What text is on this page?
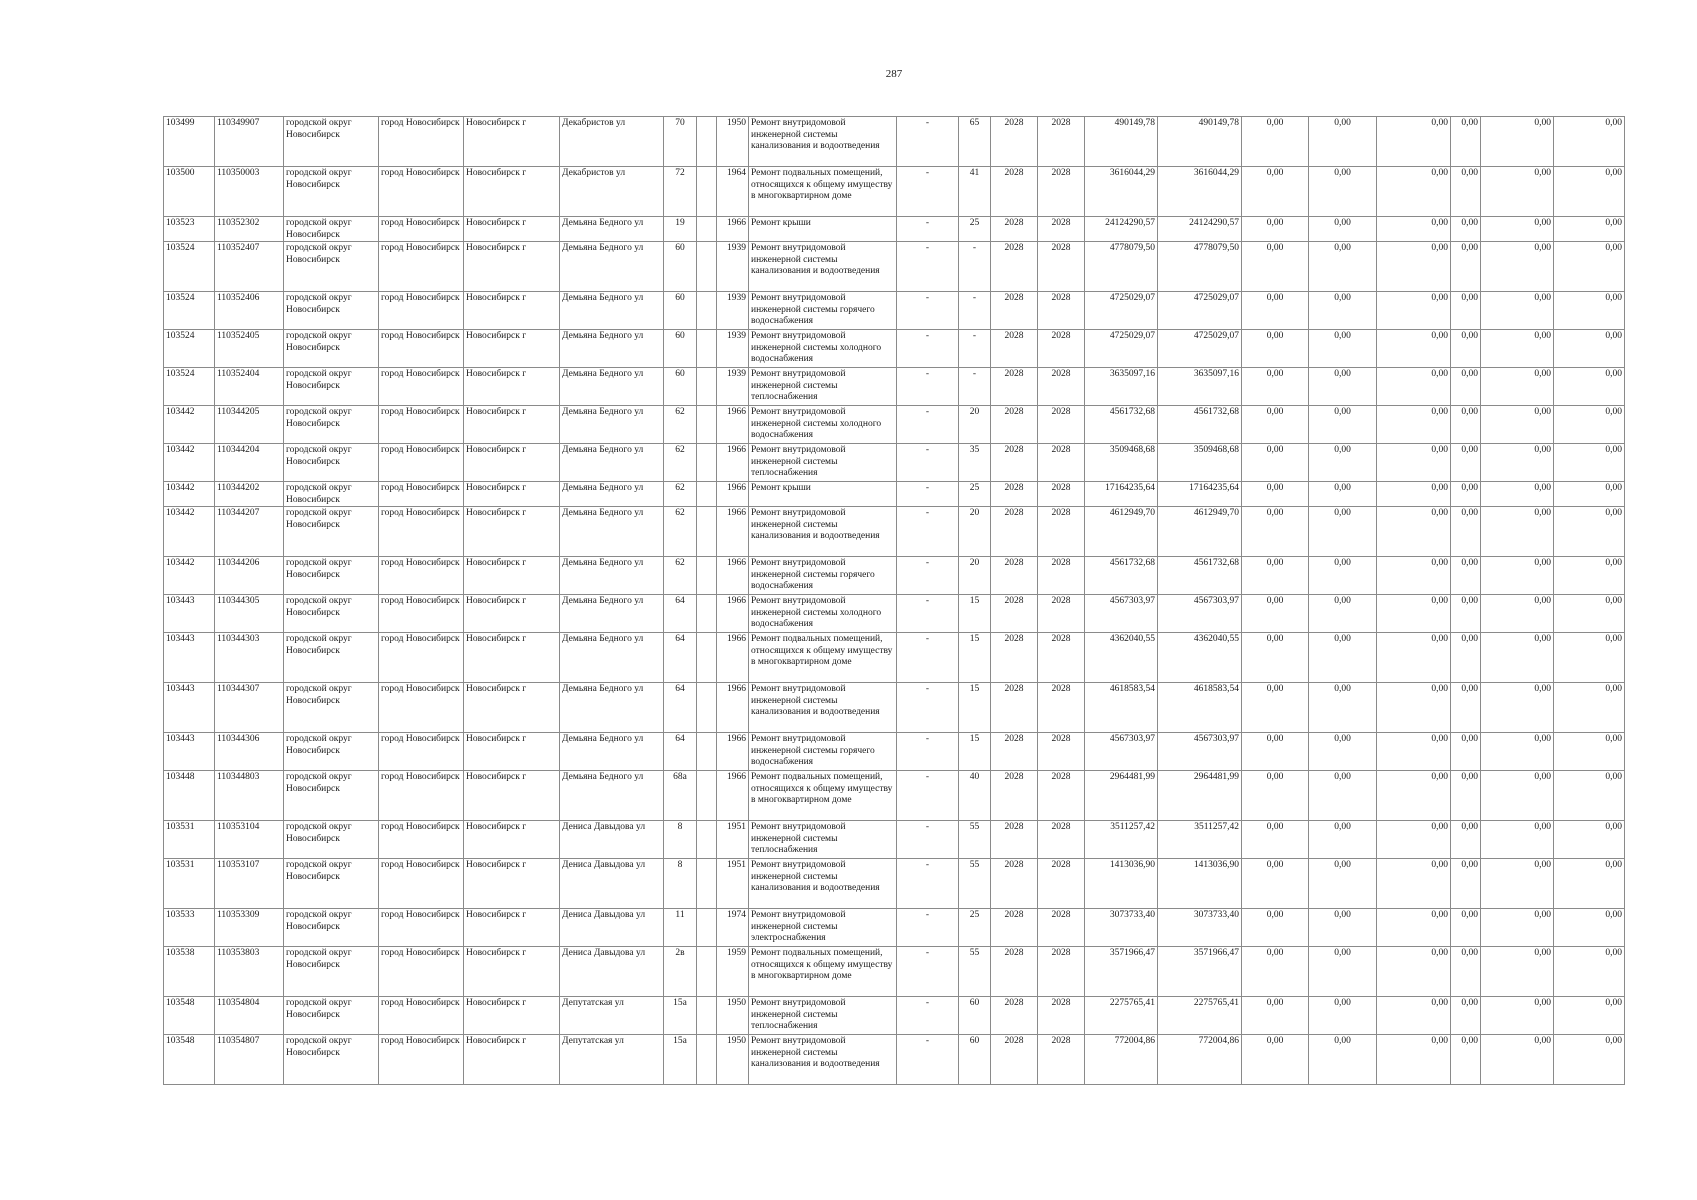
287
103499	110349907	городской округ Новосибирск	город Новосибирск	Новосибирск г	Декабристов ул	70		1950	Ремонт внутридомовой инженерной системы канализования и водоотведения	-	65	2028	2028	490149,78	490149,78	0,00	0,00	0,00	0,00	0,00	0,00
103500	110350003	городской округ Новосибирск	город Новосибирск	Новосибирск г	Декабристов ул	72		1964	Ремонт подвальных помещений, относящихся к общему имуществу в многоквартирном доме	-	41	2028	2028	3616044,29	3616044,29	0,00	0,00	0,00	0,00	0,00	0,00
103523	110352302	городской округ Новосибирск	город Новосибирск	Новосибирск г	Демьяна Бедного ул	19		1966	Ремонт крыши	-	25	2028	2028	24124290,57	24124290,57	0,00	0,00	0,00	0,00	0,00	0,00
103524	110352407	городской округ Новосибирск	город Новосибирск	Новосибирск г	Демьяна Бедного ул	60		1939	Ремонт внутридомовой инженерной системы канализования и водоотведения	-	-	2028	2028	4778079,50	4778079,50	0,00	0,00	0,00	0,00	0,00	0,00
103524	110352406	городской округ Новосибирск	город Новосибирск	Новосибирск г	Демьяна Бедного ул	60		1939	Ремонт внутридомовой инженерной системы горячего водоснабжения	-	-	2028	2028	4725029,07	4725029,07	0,00	0,00	0,00	0,00	0,00	0,00
103524	110352405	городской округ Новосибирск	город Новосибирск	Новосибирск г	Демьяна Бедного ул	60		1939	Ремонт внутридомовой инженерной системы холодного водоснабжения	-	-	2028	2028	4725029,07	4725029,07	0,00	0,00	0,00	0,00	0,00	0,00
103524	110352404	городской округ Новосибирск	город Новосибирск	Новосибирск г	Демьяна Бедного ул	60		1939	Ремонт внутридомовой инженерной системы теплоснабжения	-	-	2028	2028	3635097,16	3635097,16	0,00	0,00	0,00	0,00	0,00	0,00
103442	110344205	городской округ Новосибирск	город Новосибирск	Новосибирск г	Демьяна Бедного ул	62		1966	Ремонт внутридомовой инженерной системы холодного водоснабжения	-	20	2028	2028	4561732,68	4561732,68	0,00	0,00	0,00	0,00	0,00	0,00
103442	110344204	городской округ Новосибирск	город Новосибирск	Новосибирск г	Демьяна Бедного ул	62		1966	Ремонт внутридомовой инженерной системы теплоснабжения	-	35	2028	2028	3509468,68	3509468,68	0,00	0,00	0,00	0,00	0,00	0,00
103442	110344202	городской округ Новосибирск	город Новосибирск	Новосибирск г	Демьяна Бедного ул	62		1966	Ремонт крыши	-	25	2028	2028	17164235,64	17164235,64	0,00	0,00	0,00	0,00	0,00	0,00
103442	110344207	городской округ Новосибирск	город Новосибирск	Новосибирск г	Демьяна Бедного ул	62		1966	Ремонт внутридомовой инженерной системы канализования и водоотведения	-	20	2028	2028	4612949,70	4612949,70	0,00	0,00	0,00	0,00	0,00	0,00
103442	110344206	городской округ Новосибирск	город Новосибирск	Новосибирск г	Демьяна Бедного ул	62		1966	Ремонт внутридомовой инженерной системы горячего водоснабжения	-	20	2028	2028	4561732,68	4561732,68	0,00	0,00	0,00	0,00	0,00	0,00
103443	110344305	городской округ Новосибирск	город Новосибирск	Новосибирск г	Демьяна Бедного ул	64		1966	Ремонт внутридомовой инженерной системы холодного водоснабжения	-	15	2028	2028	4567303,97	4567303,97	0,00	0,00	0,00	0,00	0,00	0,00
103443	110344303	городской округ Новосибирск	город Новосибирск	Новосибирск г	Демьяна Бедного ул	64		1966	Ремонт подвальных помещений, относящихся к общему имуществу в многоквартирном доме	-	15	2028	2028	4362040,55	4362040,55	0,00	0,00	0,00	0,00	0,00	0,00
103443	110344307	городской округ Новосибирск	город Новосибирск	Новосибирск г	Демьяна Бедного ул	64		1966	Ремонт внутридомовой инженерной системы канализования и водоотведения	-	15	2028	2028	4618583,54	4618583,54	0,00	0,00	0,00	0,00	0,00	0,00
103443	110344306	городской округ Новосибирск	город Новосибирск	Новосибирск г	Демьяна Бедного ул	64		1966	Ремонт внутридомовой инженерной системы горячего водоснабжения	-	15	2028	2028	4567303,97	4567303,97	0,00	0,00	0,00	0,00	0,00	0,00
103448	110344803	городской округ Новосибирск	город Новосибирск	Новосибирск г	Демьяна Бедного ул	68а		1966	Ремонт подвальных помещений, относящихся к общему имуществу в многоквартирном доме	-	40	2028	2028	2964481,99	2964481,99	0,00	0,00	0,00	0,00	0,00	0,00
103531	110353104	городской округ Новосибирск	город Новосибирск	Новосибирск г	Дениса Давыдова ул	8		1951	Ремонт внутридомовой инженерной системы теплоснабжения	-	55	2028	2028	3511257,42	3511257,42	0,00	0,00	0,00	0,00	0,00	0,00
103531	110353107	городской округ Новосибирск	город Новосибирск	Новосибирск г	Дениса Давыдова ул	8		1951	Ремонт внутридомовой инженерной системы канализования и водоотведения	-	55	2028	2028	1413036,90	1413036,90	0,00	0,00	0,00	0,00	0,00	0,00
103533	110353309	городской округ Новосибирск	город Новосибирск	Новосибирск г	Дениса Давыдова ул	11		1974	Ремонт внутридомовой инженерной системы электроснабжения	-	25	2028	2028	3073733,40	3073733,40	0,00	0,00	0,00	0,00	0,00	0,00
103538	110353803	городской округ Новосибирск	город Новосибирск	Новосибирск г	Дениса Давыдова ул	2в		1959	Ремонт подвальных помещений, относящихся к общему имуществу в многоквартирном доме	-	55	2028	2028	3571966,47	3571966,47	0,00	0,00	0,00	0,00	0,00	0,00
103548	110354804	городской округ Новосибирск	город Новосибирск	Новосибирск г	Депутатская ул	15а		1950	Ремонт внутридомовой инженерной системы теплоснабжения	-	60	2028	2028	2275765,41	2275765,41	0,00	0,00	0,00	0,00	0,00	0,00
103548	110354807	городской округ Новосибирск	город Новосибирск	Новосибирск г	Депутатская ул	15а		1950	Ремонт внутридомовой инженерной системы канализования и водоотведения	-	60	2028	2028	772004,86	772004,86	0,00	0,00	0,00	0,00	0,00	0,00
